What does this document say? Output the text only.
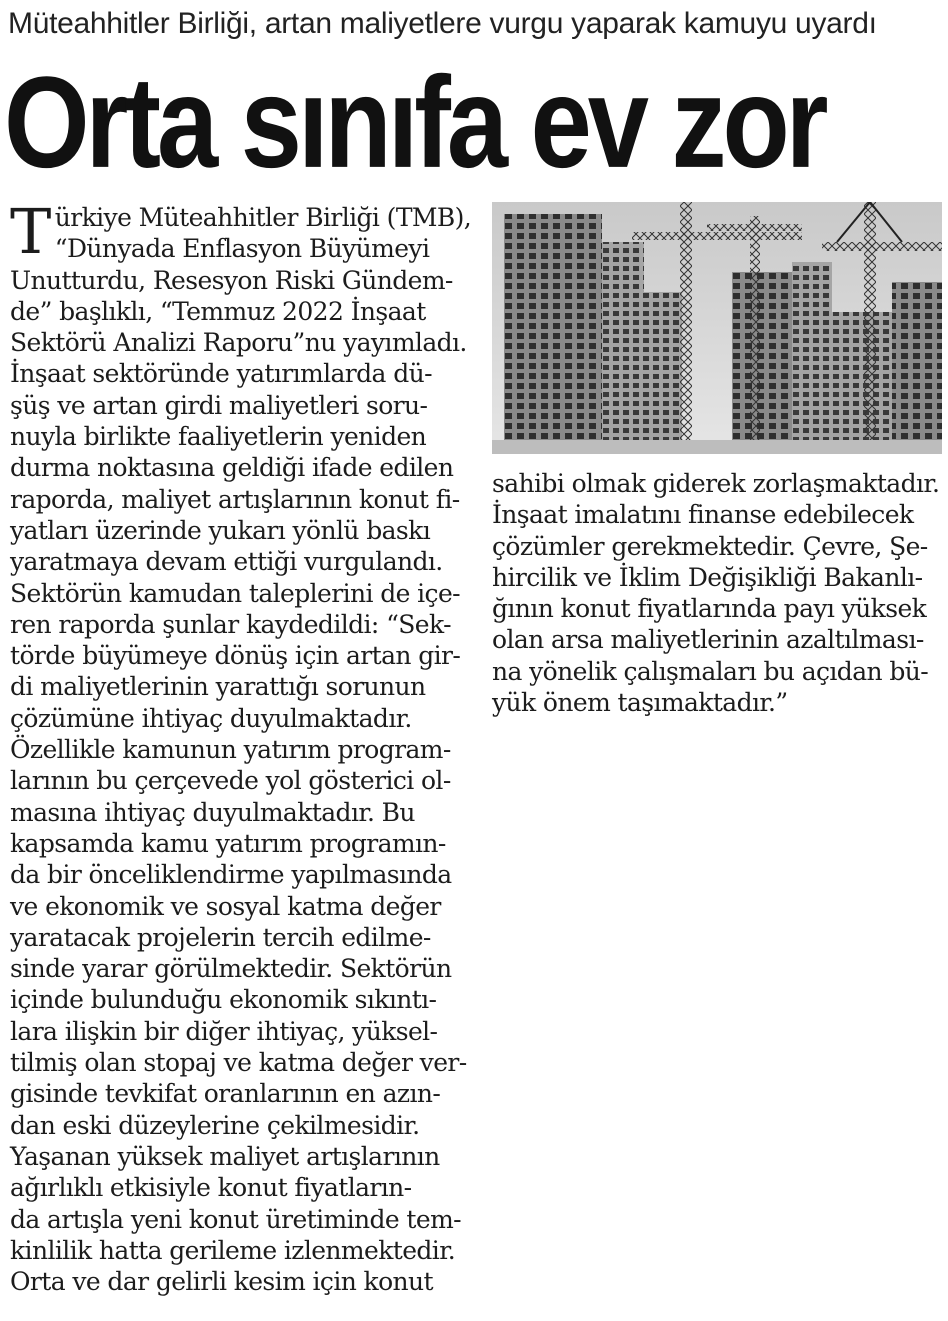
Müteahhitler Birliği, artan maliyetlere vurgu yaparak kamuyu uyardı
Orta sınıfa ev zor
T ürkiye Müteahhitler Birliği (TMB),
“Dünyada Enflasyon Büyümeyi
Unutturdu, Resesyon Riski Gündem-
de” başlıklı, “Temmuz 2022 İnşaat
Sektörü Analizi Raporu”nu yayımladı.
İnşaat sektöründe yatırımlarda dü-
şüş ve artan girdi maliyetleri soru-
nuyla birlikte faaliyetlerin yeniden
durma noktasına geldiği ifade edilen
raporda, maliyet artışlarının konut fi-
yatları üzerinde yukarı yönlü baskı
yaratmaya devam ettiği vurgulandı.
Sektörün kamudan taleplerini de içe-
ren raporda şunlar kaydedildi: “Sek-
törde büyümeye dönüş için artan gir-
di maliyetlerinin yarattığı sorunun
çözümüne ihtiyaç duyulmaktadır.
Özellikle kamunun yatırım program-
larının bu çerçevede yol gösterici ol-
masına ihtiyaç duyulmaktadır. Bu
kapsamda kamu yatırım programın-
da bir önceliklendirme yapılmasında
ve ekonomik ve sosyal katma değer
yaratacak projelerin tercih edilme-
sinde yarar görülmektedir. Sektörün
içinde bulunduğu ekonomik sıkıntı-
lara ilişkin bir diğer ihtiyaç, yüksel-
tilmiş olan stopaj ve katma değer ver-
gisinde tevkifat oranlarının en azın-
dan eski düzeylerine çekilmesidir.
Yaşanan yüksek maliyet artışlarının
ağırlıklı etkisiyle konut fiyatların-
da artışla yeni konut üretiminde tem-
kinlilik hatta gerileme izlenmektedir.
Orta ve dar gelirli kesim için konut
sahibi olmak giderek zorlaşmaktadır.
İnşaat imalatını finanse edebilecek
çözümler gerekmektedir. Çevre, Şe-
hircilik ve İklim Değişikliği Bakanlı-
ğının konut fiyatlarında payı yüksek
olan arsa maliyetlerinin azaltılması-
na yönelik çalışmaları bu açıdan bü-
yük önem taşımaktadır.”
